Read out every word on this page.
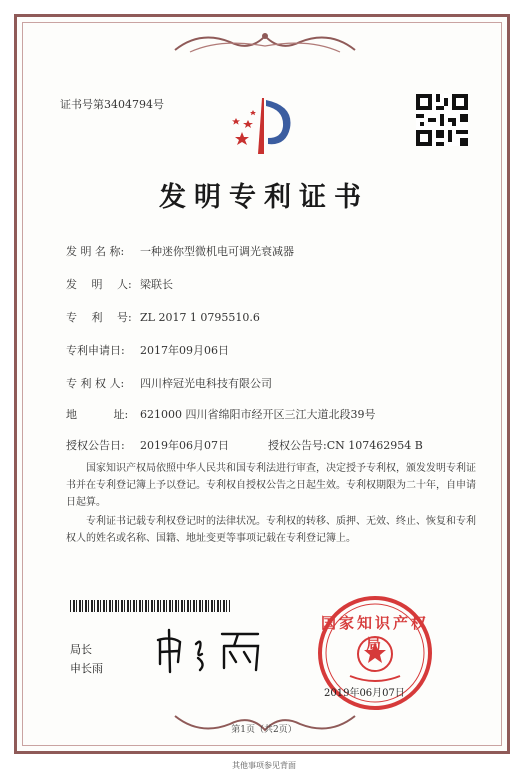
证书号第3404794号
发明专利证书
发 明 名 称: 一种迷你型微机电可调光衰减器
发　 明　 人: 梁联长
专　 利　 号: ZL 2017 1 0795510.6
专利申请日: 2017年09月06日
专 利 权 人: 四川梓冠光电科技有限公司
地　　　 址: 621000 四川省绵阳市经开区三江大道北段39号
授权公告日: 2019年06月07日	授权公告号:CN 107462954 B
国家知识产权局依照中华人民共和国专利法进行审查，决定授予专利权，颁发发明专利证书并在专利登记簿上予以登记。专利权自授权公告之日起生效。专利权期限为二十年，自申请日起算。
专利证书记载专利权登记时的法律状况。专利权的转移、质押、无效、终止、恢复和专利权人的姓名或名称、国籍、地址变更等事项记载在专利登记簿上。
局长
申长雨
国家知识产权局
2019年06月07日
第1页（共2页）
其他事项参见背面
